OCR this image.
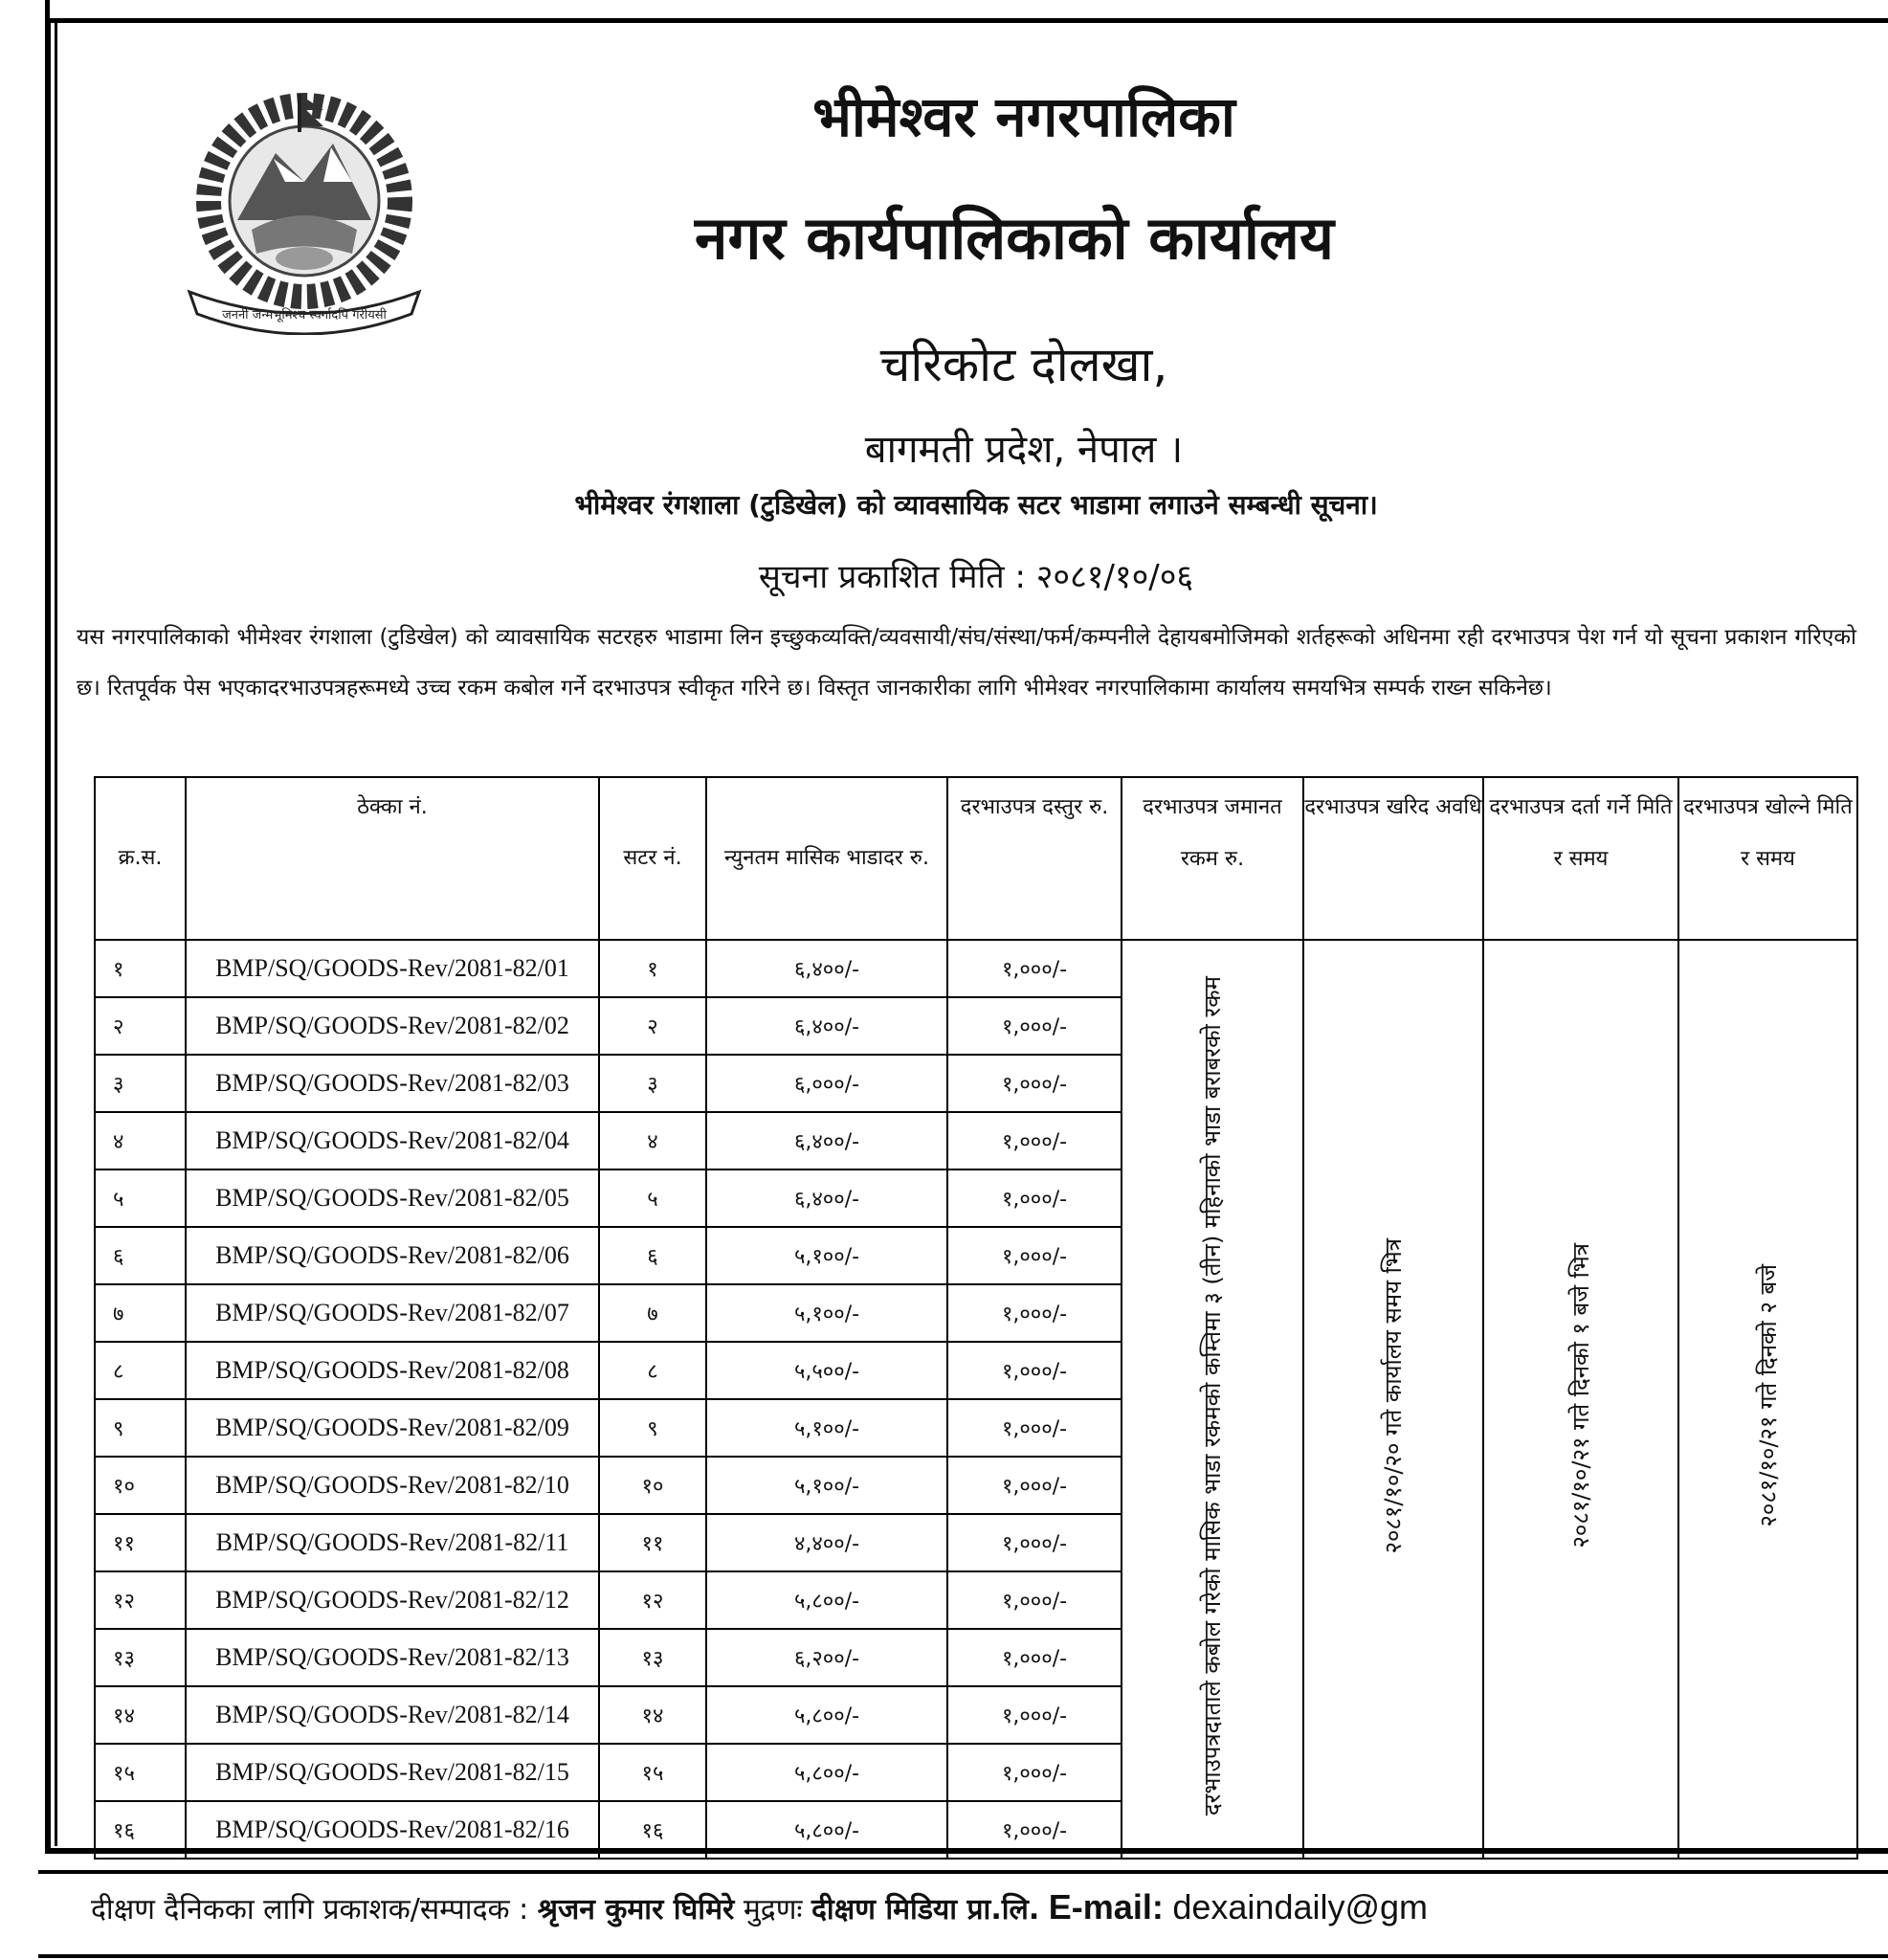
जननी जन्मभूमिश्च स्वर्गादपि गरीयसी
भीमेश्वर नगरपालिका
नगर कार्यपालिकाको कार्यालय
चरिकोट दोलखा,
बागमती प्रदेश, नेपाल ।
भीमेश्वर रंगशाला (टुडिखेल) को व्यावसायिक सटर भाडामा लगाउने सम्बन्धी सूचना।
सूचना प्रकाशित मिति : २०८१/१०/०६
यस नगरपालिकाको भीमेश्वर रंगशाला (टुडिखेल) को व्यावसायिक सटरहरु भाडामा लिन इच्छुकव्यक्ति/व्यवसायी/संघ/संस्था/फर्म/कम्पनीले देहायबमोजिमको शर्तहरूको अधिनमा रही दरभाउपत्र पेश गर्न यो सूचना प्रकाशन गरिएको छ। रितपूर्वक पेस भएकादरभाउपत्रहरूमध्ये उच्च रकम कबोल गर्ने दरभाउपत्र स्वीकृत गरिने छ। विस्तृत जानकारीका लागि भीमेश्वर नगरपालिकामा कार्यालय समयभित्र सम्पर्क राख्न सकिनेछ।
क्र.स.	ठेक्का नं.	सटर नं.	न्युनतम मासिक भाडादर रु.	दरभाउपत्र दस्तुर रु.	दरभाउपत्र जमानत रकम रु.	दरभाउपत्र खरिद अवधि	दरभाउपत्र दर्ता गर्ने मिति र समय	दरभाउपत्र खोल्ने मिति र समय
१	BMP/SQ/GOODS-Rev/2081-82/01	१	६,४००/-	१,०००/-	दरभाउपत्रदाताले कबोल गरेको मासिक भाडा रकमको कम्तिमा ३ (तीन) महिनाको भाडा बराबरको रकम	२०८१/१०/२० गते कार्यालय समय भित्र	२०८१/१०/२१ गते दिनको १ बजे भित्र	२०८१/१०/२१ गते दिनको २ बजे
२	BMP/SQ/GOODS-Rev/2081-82/02	२	६,४००/-	१,०००/-				
३	BMP/SQ/GOODS-Rev/2081-82/03	३	६,०००/-	१,०००/-				
४	BMP/SQ/GOODS-Rev/2081-82/04	४	६,४००/-	१,०००/-				
५	BMP/SQ/GOODS-Rev/2081-82/05	५	६,४००/-	१,०००/-				
६	BMP/SQ/GOODS-Rev/2081-82/06	६	५,१००/-	१,०००/-				
७	BMP/SQ/GOODS-Rev/2081-82/07	७	५,१००/-	१,०००/-				
८	BMP/SQ/GOODS-Rev/2081-82/08	८	५,५००/-	१,०००/-				
९	BMP/SQ/GOODS-Rev/2081-82/09	९	५,१००/-	१,०००/-				
१०	BMP/SQ/GOODS-Rev/2081-82/10	१०	५,१००/-	१,०००/-				
११	BMP/SQ/GOODS-Rev/2081-82/11	११	४,४००/-	१,०००/-				
१२	BMP/SQ/GOODS-Rev/2081-82/12	१२	५,८००/-	१,०००/-				
१३	BMP/SQ/GOODS-Rev/2081-82/13	१३	६,२००/-	१,०००/-				
१४	BMP/SQ/GOODS-Rev/2081-82/14	१४	५,८००/-	१,०००/-				
१५	BMP/SQ/GOODS-Rev/2081-82/15	१५	५,८००/-	१,०००/-				
१६	BMP/SQ/GOODS-Rev/2081-82/16	१६	५,८००/-	१,०००/-				
दीक्षण दैनिकका लागि प्रकाशक/सम्पादक : श्रृजन कुमार घिमिरे मुद्रणः दीक्षण मिडिया प्रा.लि. E-mail: dexaindaily@gm
